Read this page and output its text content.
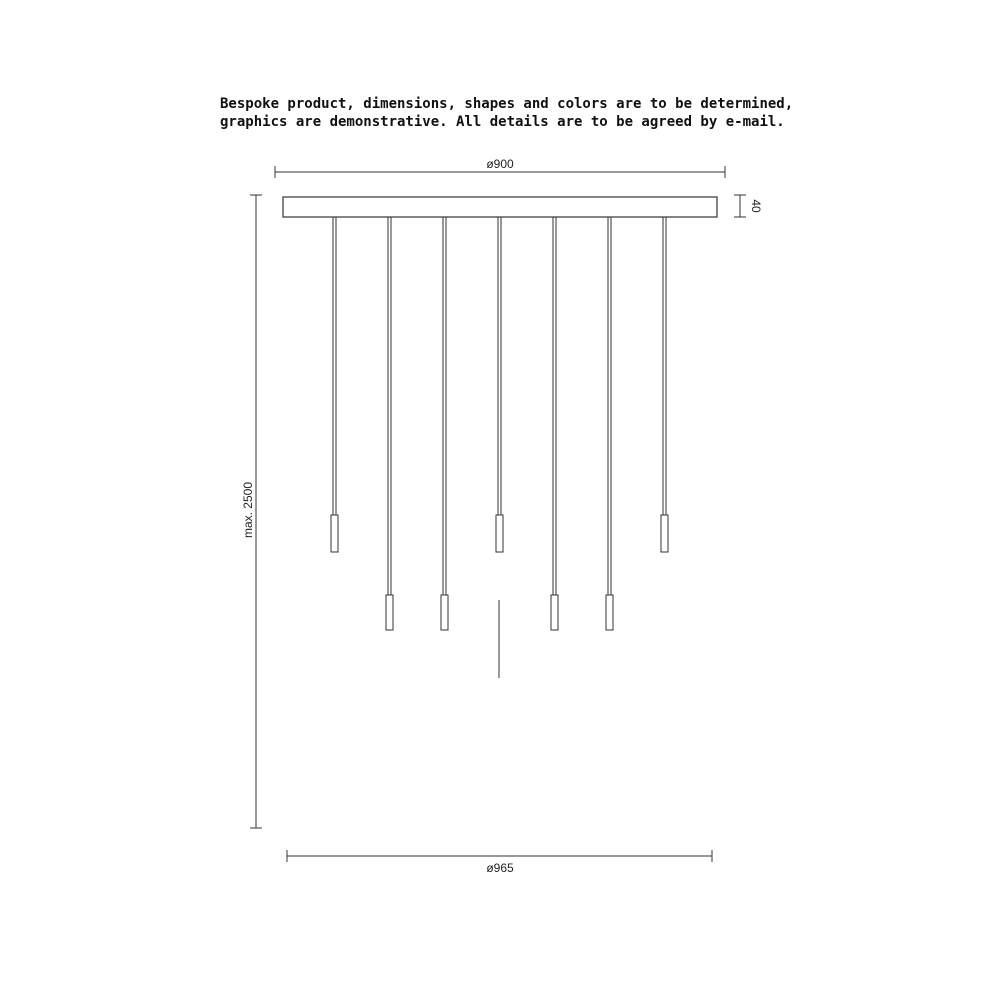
Bespoke product, dimensions, shapes and colors are to be determined,
graphics are demonstrative. All details are to be agreed by e-mail.
ø900
40
max. 2500
ø965
